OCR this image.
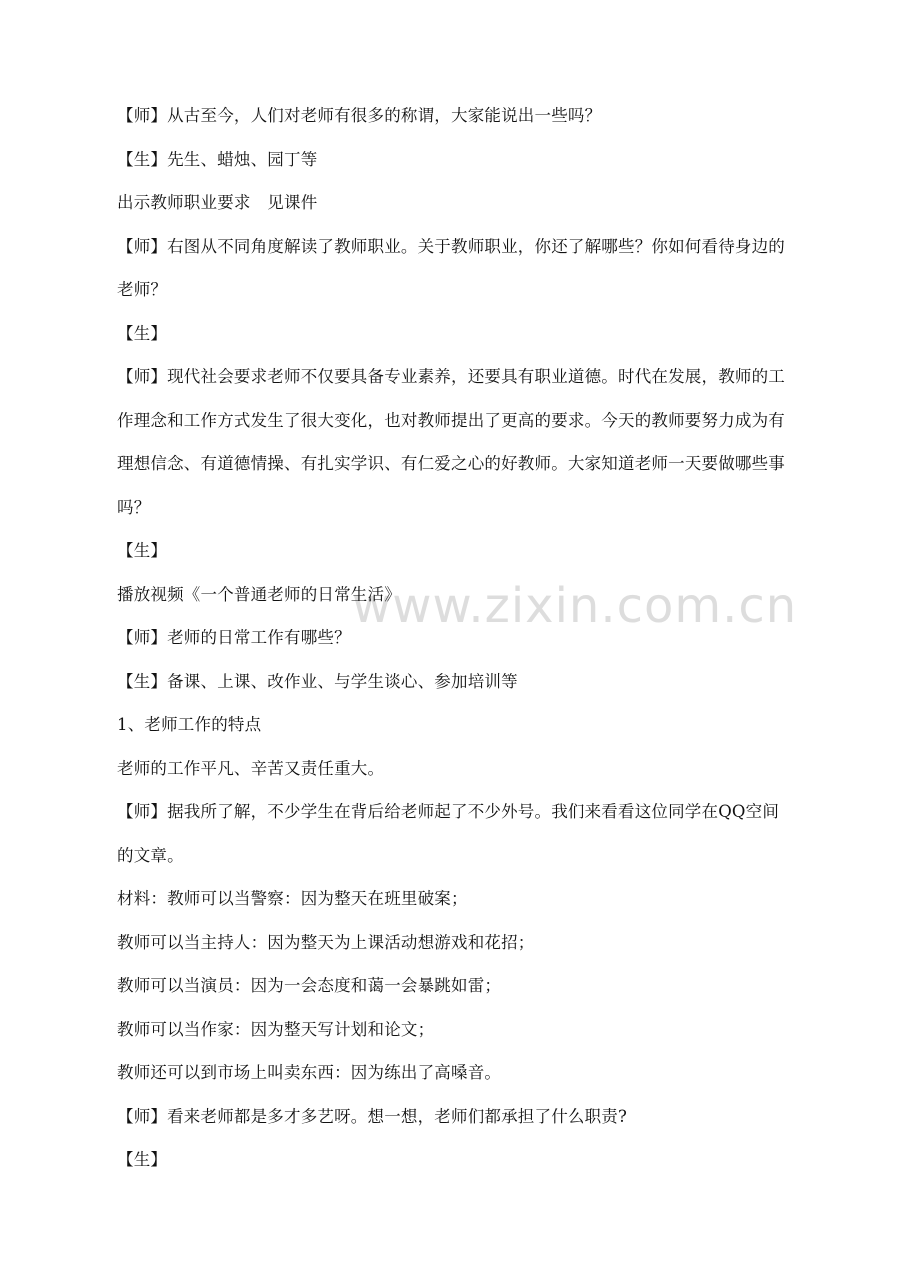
www.zixin.com.cn
【师】从古至今，人们对老师有很多的称谓，大家能说出一些吗？
【生】先生、蜡烛、园丁等
出示教师职业要求　见课件
【师】右图从不同角度解读了教师职业。关于教师职业，你还了解哪些？你如何看待身边的
老师？
【生】
【师】现代社会要求老师不仅要具备专业素养，还要具有职业道德。时代在发展，教师的工
作理念和工作方式发生了很大变化，也对教师提出了更高的要求。今天的教师要努力成为有
理想信念、有道德情操、有扎实学识、有仁爱之心的好教师。大家知道老师一天要做哪些事
吗？
【生】
播放视频《一个普通老师的日常生活》
【师】老师的日常工作有哪些？
【生】备课、上课、改作业、与学生谈心、参加培训等
1、老师工作的特点
老师的工作平凡、辛苦又责任重大。
【师】据我所了解，不少学生在背后给老师起了不少外号。我们来看看这位同学在QQ空间
的文章。
材料：教师可以当警察：因为整天在班里破案；
教师可以当主持人：因为整天为上课活动想游戏和花招；
教师可以当演员：因为一会态度和蔼一会暴跳如雷；
教师可以当作家：因为整天写计划和论文；
教师还可以到市场上叫卖东西：因为练出了高嗓音。
【师】看来老师都是多才多艺呀。想一想，老师们都承担了什么职责?
【生】
